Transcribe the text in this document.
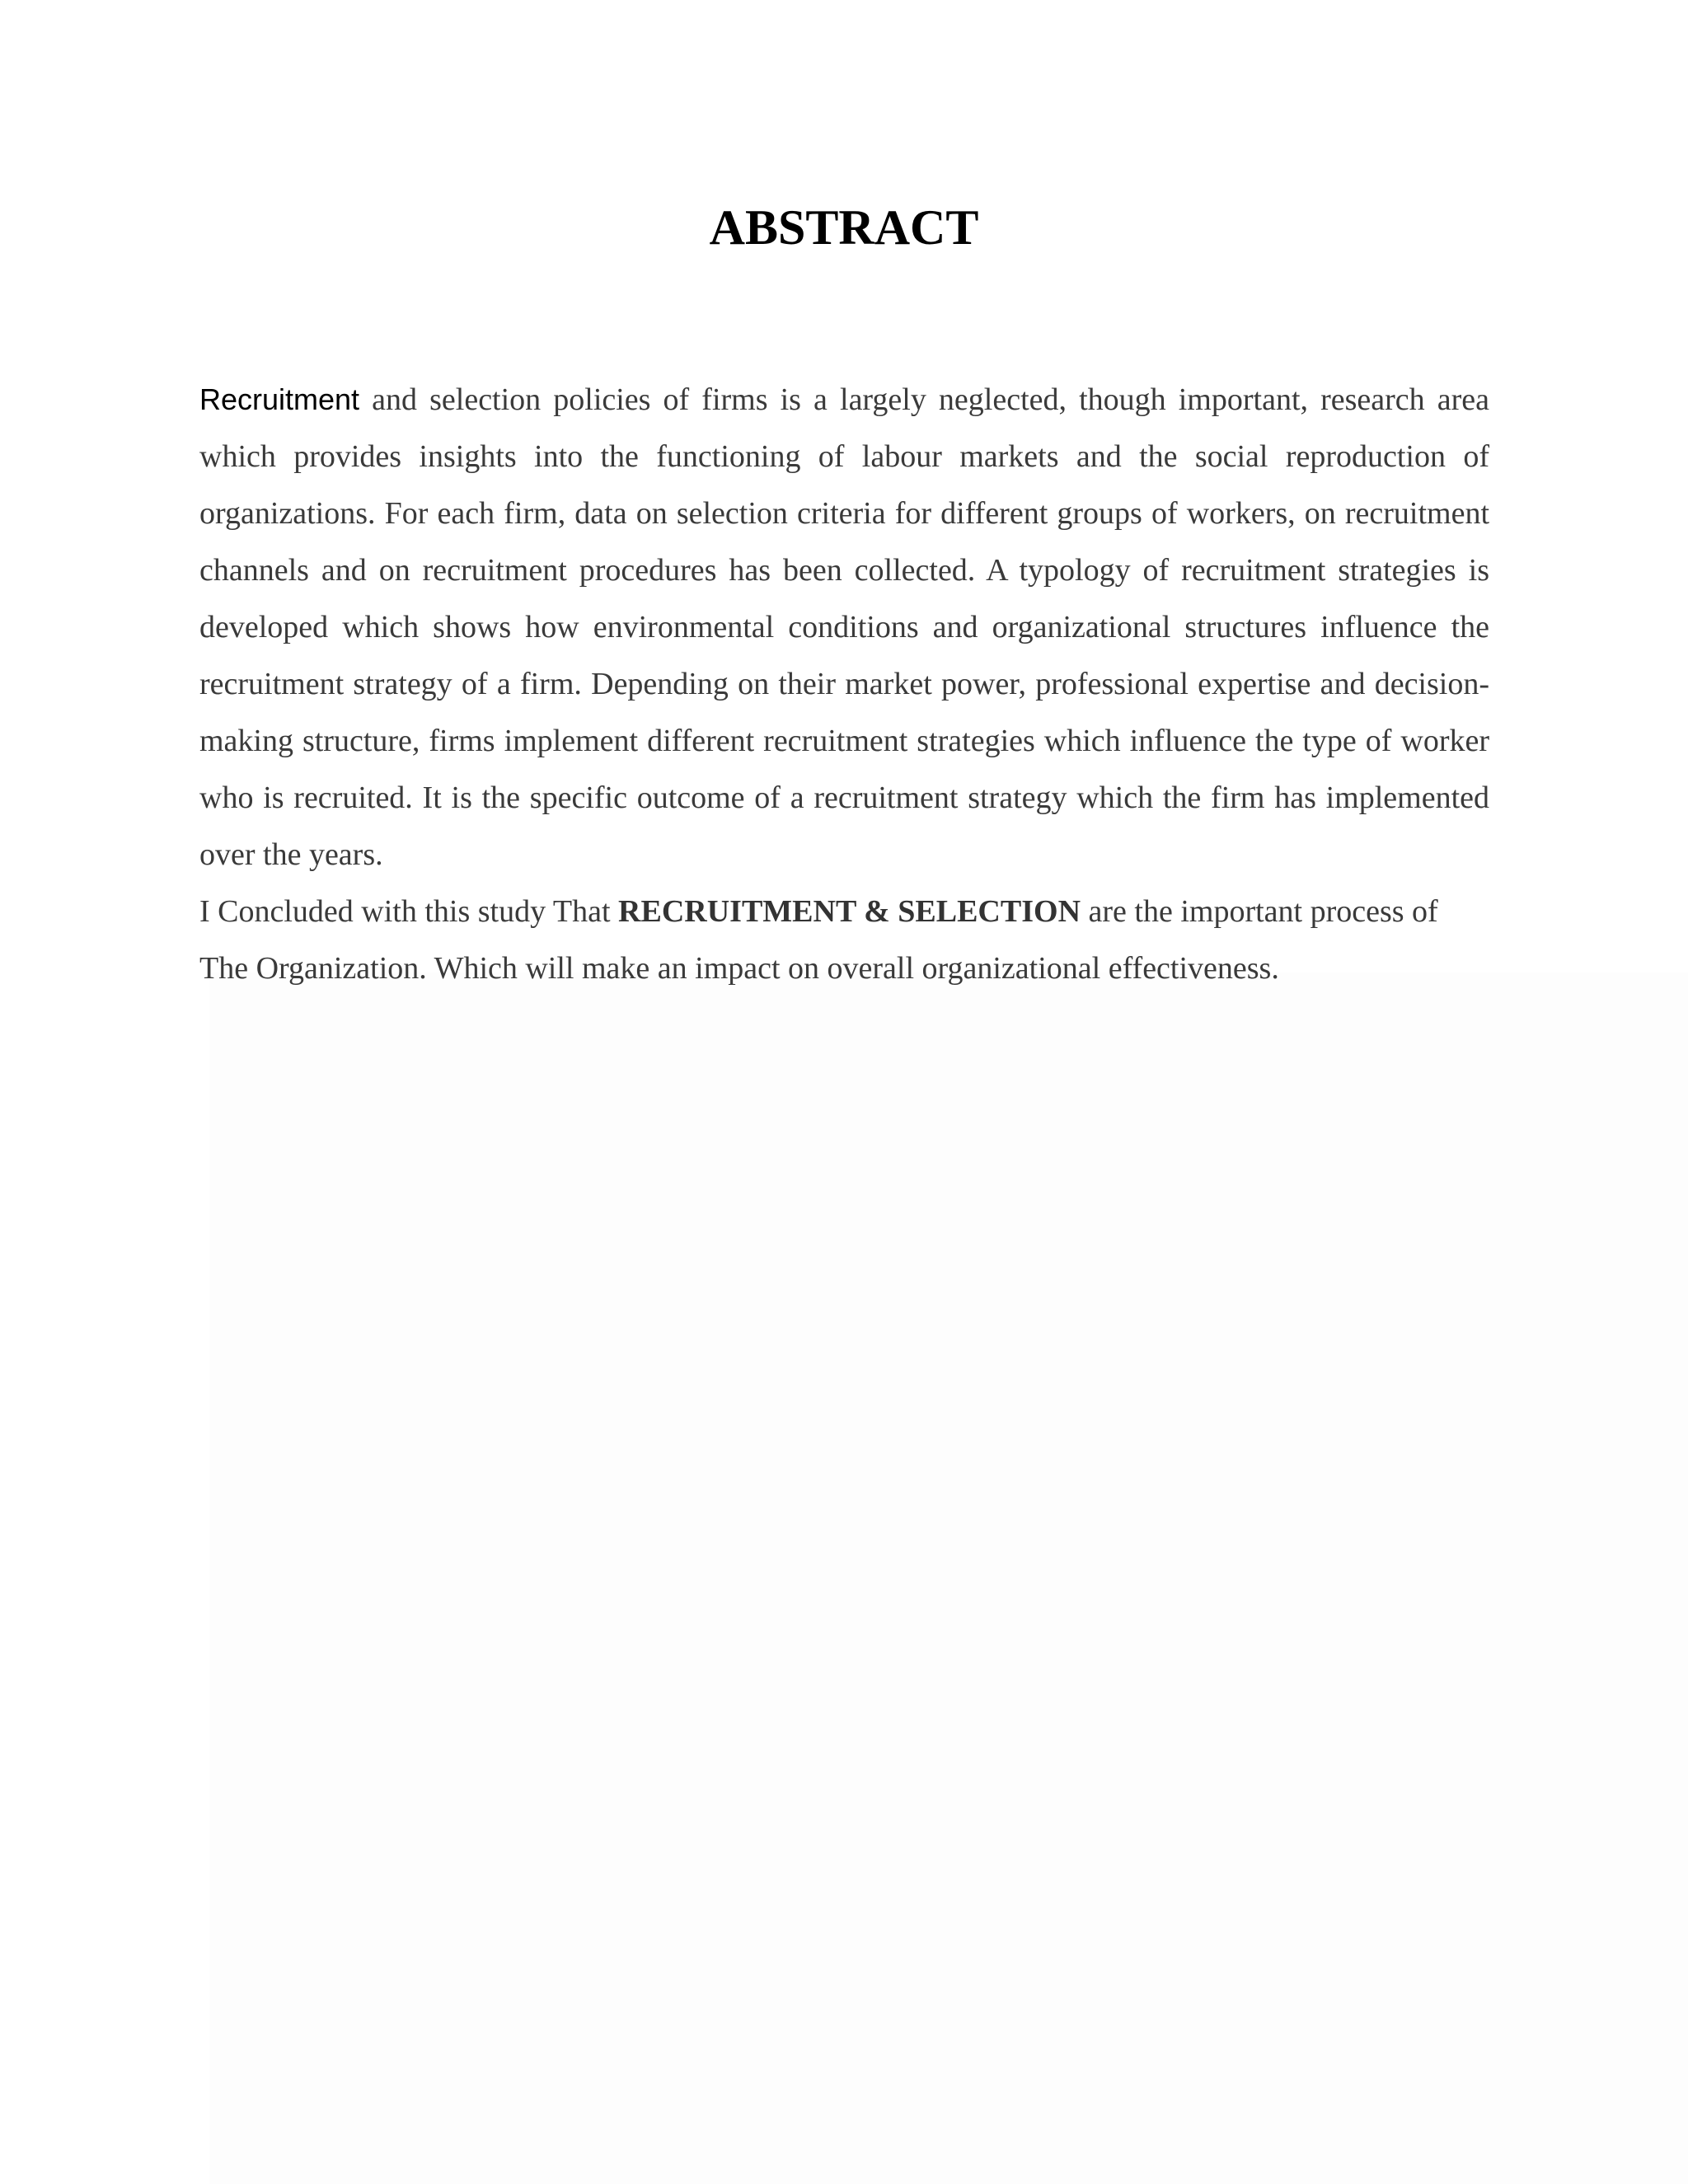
ABSTRACT

Recruitment and selection policies of firms is a largely neglected, though important, research area which provides insights into the functioning of labour markets and the social reproduction of organizations. For each firm, data on selection criteria for different groups of workers, on recruitment channels and on recruitment procedures has been collected. A typology of recruitment strategies is developed which shows how environmental conditions and organizational structures influence the recruitment strategy of a firm. Depending on their market power, professional expertise and decision-making structure, firms implement different recruitment strategies which influence the type of worker who is recruited. It is the specific outcome of a recruitment strategy which the firm has implemented over the years.

I Concluded with this study That RECRUITMENT & SELECTION are the important process of The Organization. Which will make an impact on overall organizational effectiveness.
